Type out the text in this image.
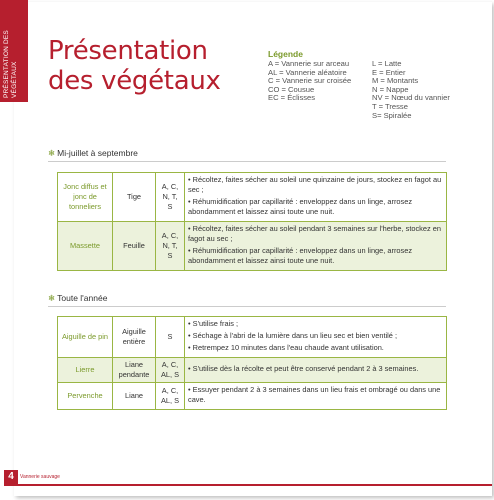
PRÉSENTATION DES VÉGÉTAUX
Présentation
des végétaux
Légende
A = Vannerie sur arceau
AL = Vannerie aléatoire
C = Vannerie sur croisée
CO = Cousue
EC = Éclisses
L = Latte
E = Entier
M = Montants
N = Nappe
NV = Nœud du vannier
T = Tresse
S= Spiralée
❄ Mi-juillet à septembre
Jonc diffus et jonc de tonneliers	Tige	A, C, N, T, S	• Récoltez, faites sécher au soleil une quinzaine de jours, stockez en fagot au sec ;

• Réhumidification par capillarité : enveloppez dans un linge, arrosez abondamment et laissez ainsi toute une nuit.

Massette	Feuille	A, C, N, T, S	• Récoltez, faites sécher au soleil pendant 3 semaines sur l'herbe, stockez en fagot au sec ;

• Réhumidification par capillarité : enveloppez dans un linge, arrosez abondamment et laissez ainsi toute une nuit.

❄ Toute l'année
Aiguille de pin	Aiguille entière	S	• S'utilise frais ;

• Séchage à l'abri de la lumière dans un lieu sec et bien ventilé ;

• Retrempez 10 minutes dans l'eau chaude avant utilisation.

Lierre	Liane pendante	A, C, AL, S	• S'utilise dès la récolte et peut être conservé pendant 2 à 3 semaines.

Pervenche	Liane	A, C, AL, S	• Essuyer pendant 2 à 3 semaines dans un lieu frais et ombragé ou dans une cave.

4	Vannerie sauvage
